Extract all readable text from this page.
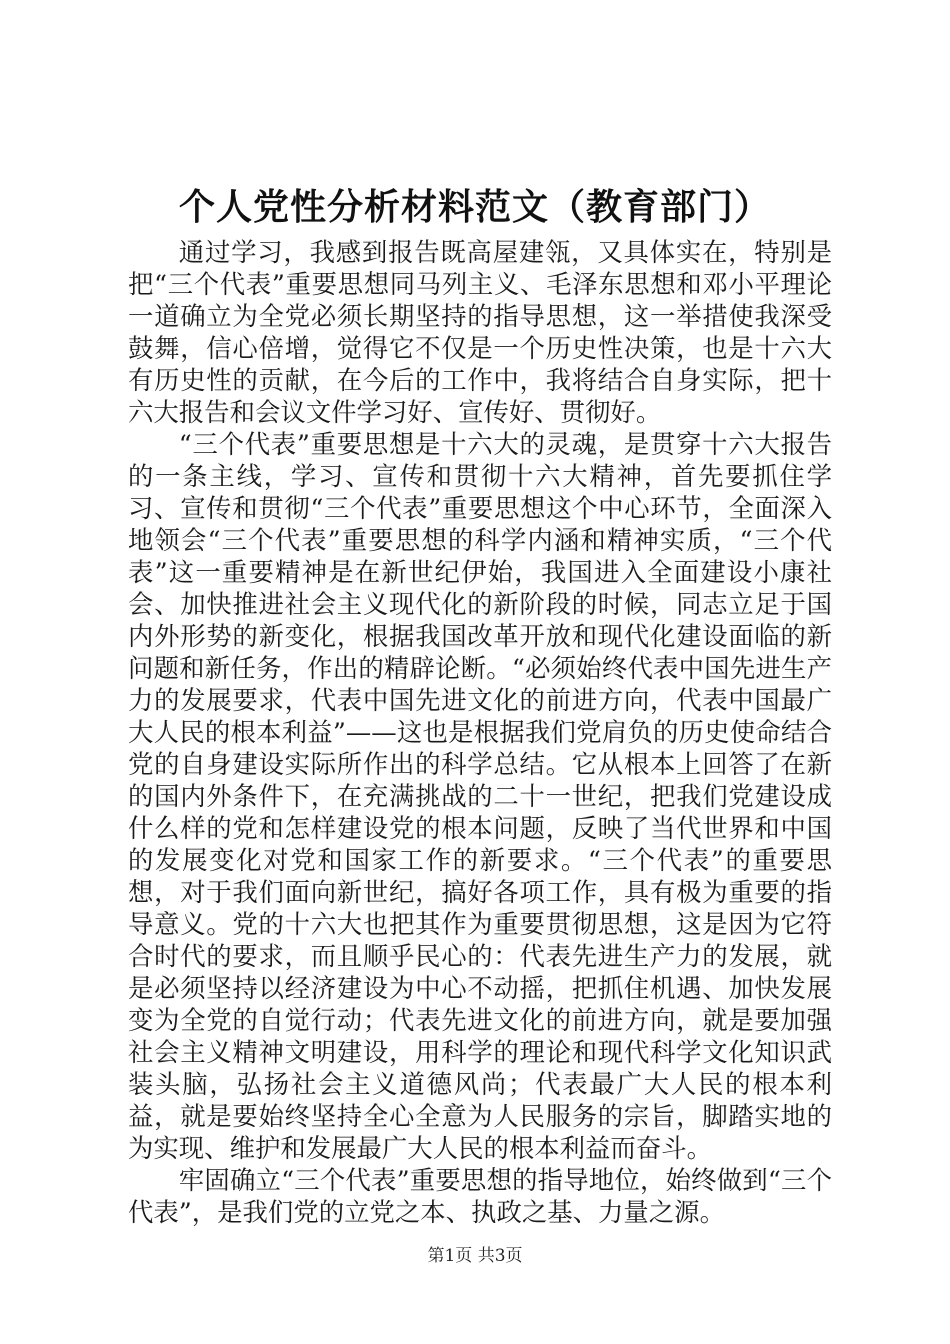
个人党性分析材料范文（教育部门）

通过学习，我感到报告既高屋建瓴，又具体实在，特别是把“三个代表”重要思想同马列主义、毛泽东思想和邓小平理论一道确立为全党必须长期坚持的指导思想，这一举措使我深受鼓舞，信心倍增，觉得它不仅是一个历史性决策，也是十六大有历史性的贡献，在今后的工作中，我将结合自身实际，把十六大报告和会议文件学习好、宣传好、贯彻好。

“三个代表”重要思想是十六大的灵魂，是贯穿十六大报告的一条主线，学习、宣传和贯彻十六大精神，首先要抓住学习、宣传和贯彻“三个代表”重要思想这个中心环节，全面深入地领会“三个代表”重要思想的科学内涵和精神实质，“三个代表”这一重要精神是在新世纪伊始，我国进入全面建设小康社会、加快推进社会主义现代化的新阶段的时候，同志立足于国内外形势的新变化，根据我国改革开放和现代化建设面临的新问题和新任务，作出的精辟论断。“必须始终代表中国先进生产力的发展要求，代表中国先进文化的前进方向，代表中国最广大人民的根本利益”——这也是根据我们党肩负的历史使命结合党的自身建设实际所作出的科学总结。它从根本上回答了在新的国内外条件下，在充满挑战的二十一世纪，把我们党建设成什么样的党和怎样建设党的根本问题，反映了当代世界和中国的发展变化对党和国家工作的新要求。“三个代表”的重要思想，对于我们面向新世纪，搞好各项工作，具有极为重要的指导意义。党的十六大也把其作为重要贯彻思想，这是因为它符合时代的要求，而且顺乎民心的：代表先进生产力的发展，就是必须坚持以经济建设为中心不动摇，把抓住机遇、加快发展变为全党的自觉行动；代表先进文化的前进方向，就是要加强社会主义精神文明建设，用科学的理论和现代科学文化知识武装头脑，弘扬社会主义道德风尚；代表最广大人民的根本利益，就是要始终坚持全心全意为人民服务的宗旨，脚踏实地的为实现、维护和发展最广大人民的根本利益而奋斗。

牢固确立“三个代表”重要思想的指导地位，始终做到“三个代表”，是我们党的立党之本、执政之基、力量之源。

第1页 共3页
